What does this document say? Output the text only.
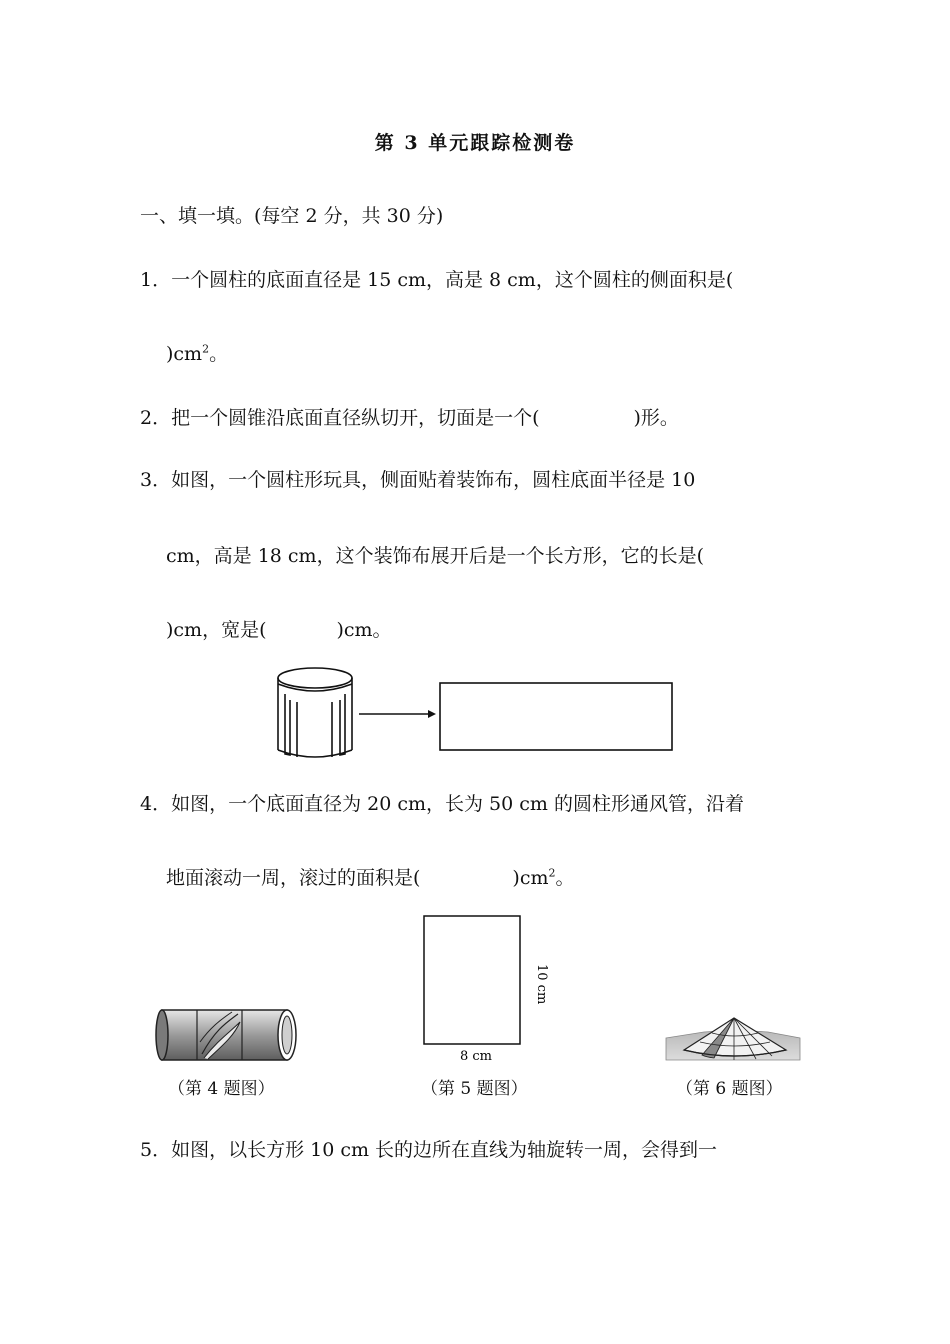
第 3 单元跟踪检测卷
一、填一填。(每空 2 分，共 30 分)
1．一个圆柱的底面直径是 15 cm，高是 8 cm，这个圆柱的侧面积是(
)$cm^2$。
2．把一个圆锥沿底面直径纵切开，切面是一个(	)形。
3．如图，一个圆柱形玩具，侧面贴着装饰布，圆柱底面半径是 10
cm，高是 18 cm，这个装饰布展开后是一个长方形，它的长是(
)cm，宽是(	)cm。
4．如图，一个底面直径为 20 cm，长为 50 cm 的圆柱形通风管，沿着
地面滚动一周，滚过的面积是(	)$cm^2$。
10 cm
8 cm
（第 4 题图）	（第 5 题图）	（第 6 题图）
5．如图，以长方形 10 cm 长的边所在直线为轴旋转一周，会得到一
